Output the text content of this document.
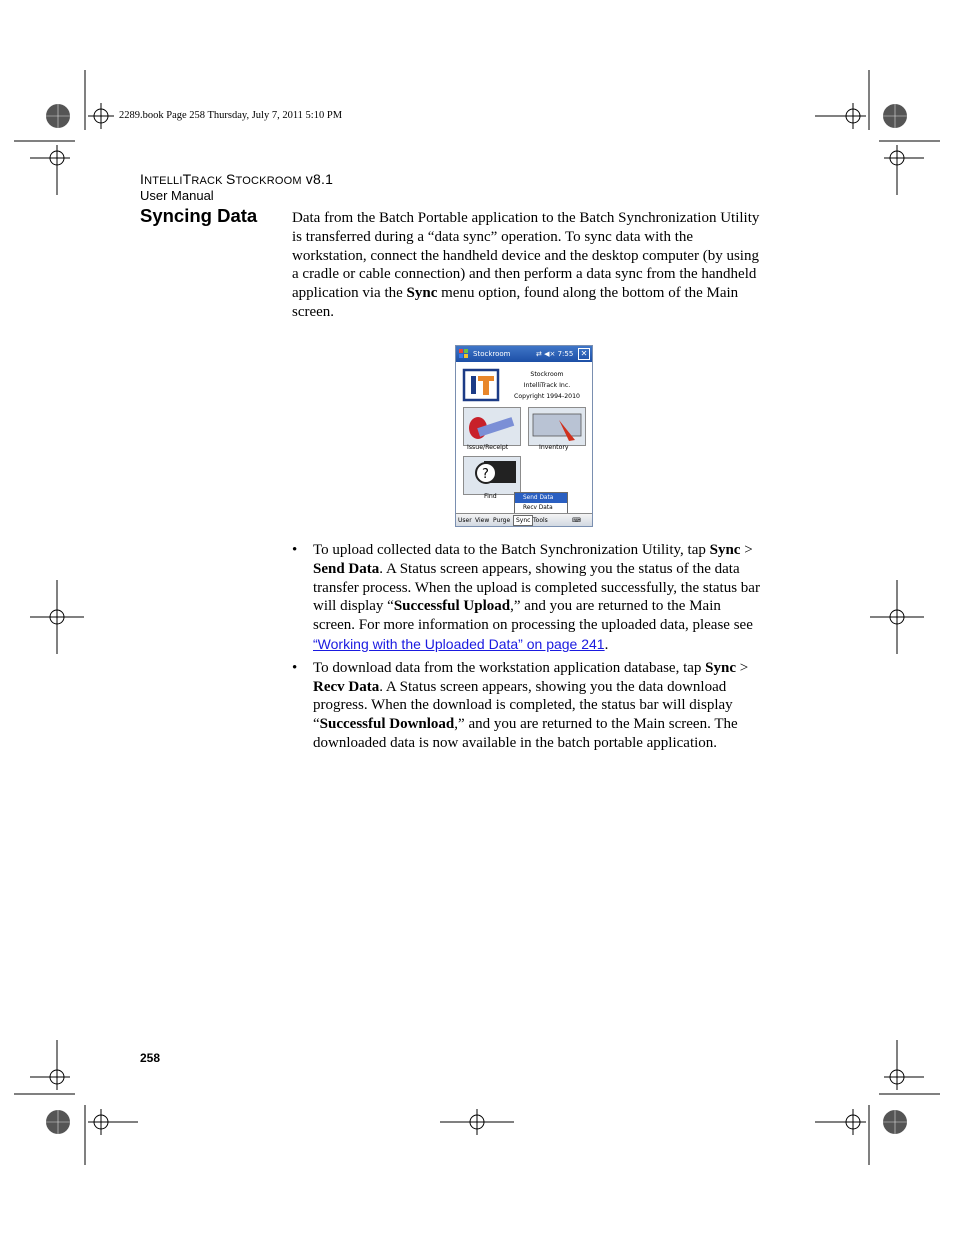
2289.book Page 258 Thursday, July 7, 2011 5:10 PM
INTELLITRACK STOCKROOM v8.1
User Manual
Syncing Data Data from the Batch Portable application to the Batch Synchronization Utility is transferred during a “data sync” operation. To sync data with the workstation, connect the handheld device and the desktop computer (by using a cradle or cable connection) and then perform a data sync from the handheld application via the Sync menu option, found along the bottom of the Main screen.
Stockroom	⇄ ◀× 7:55 ✕
Stockroom
IntelliTrack Inc.
Copyright 1994-2010
Issue/Receipt	Inventory
?
Find	Send Data
Recv Data
User View Purge Sync Tools	⌨
• To upload collected data to the Batch Synchronization Utility, tap Sync > Send Data. A Status screen appears, showing you the status of the data transfer process. When the upload is completed successfully, the status bar will display “Successful Upload,” and you are returned to the Main screen. For more information on processing the uploaded data, please see “Working with the Uploaded Data” on page 241.
• To download data from the workstation application database, tap Sync > Recv Data. A Status screen appears, showing you the data download progress. When the download is completed, the status bar will display “Successful Download,” and you are returned to the Main screen. The downloaded data is now available in the batch portable application.
258
